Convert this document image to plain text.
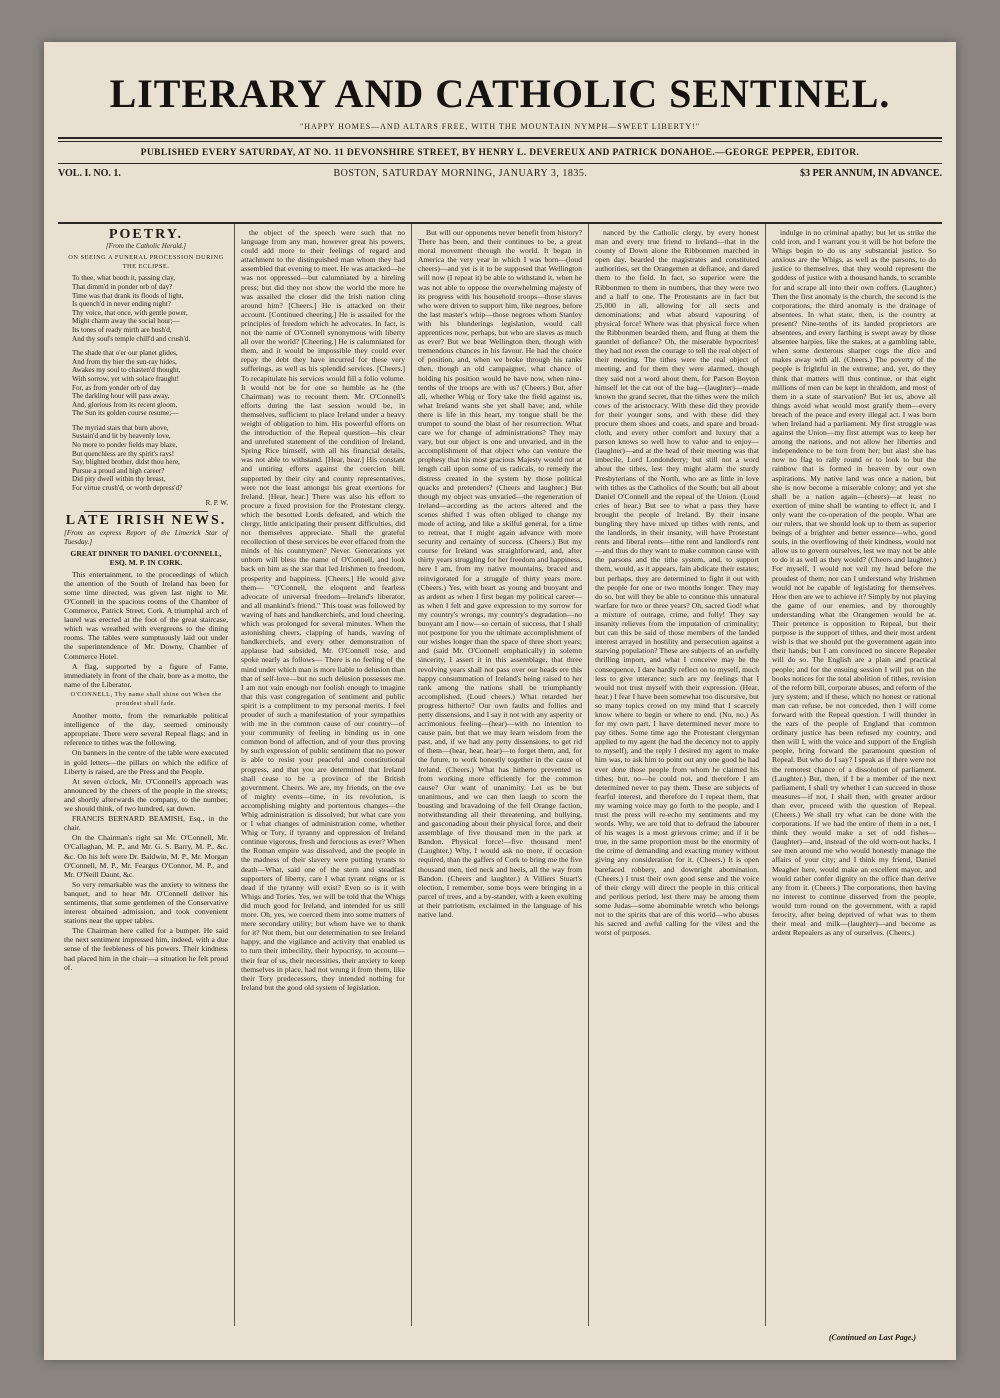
LITERARY AND CATHOLIC SENTINEL.
"HAPPY HOMES—AND ALTARS FREE, WITH THE MOUNTAIN NYMPH—SWEET LIBERTY!"
PUBLISHED EVERY SATURDAY, AT NO. 11 DEVONSHIRE STREET, BY HENRY L. DEVEREUX AND PATRICK DONAHOE.—GEORGE PEPPER, EDITOR.
VOL. I. NO. 1.	BOSTON, SATURDAY MORNING, JANUARY 3, 1835.	$3 PER ANNUM, IN ADVANCE.
POETRY.
[From the Catholic Herald.]
ON SEEING A FUNERAL PROCESSION DURING THE ECLIPSE.
To thee, what booth it, passing clay,
That dimm'd in ponder orb of day?
Time was that drank its floods of light,
Is quench'd in never ending night?
Thy voice, that once, with gentle power,
Might charm away the social hour;—
Its tones of ready mirth are hush'd,
And thy soul's temple chill'd and crush'd.
The shade that o'er our planet glides,
And from thy bier the sun-ray hides,
Awakes my soul to chasten'd thought,
With sorrow, yet with solace fraught!
For, as from yonder orb of day
The darkling hour will pass away,
And, glorious from its recent gloom,
The Sun its golden course resume;—
The myriad stars that burn above,
Sustain'd and lit by heavenly love,
No more to ponder fields may blaze,
But quenchless are thy spirit's rays!
Say, blighted brother, didst thou here,
Pursue a proud and high career?
Did pity dwell within thy breast,
For virtue crush'd, or worth depress'd?
R. P. W.
LATE IRISH NEWS.
[From an express Report of the Limerick Star of Tuesday.]
GREAT DINNER TO DANIEL O'CONNELL, ESQ. M. P. IN CORK.

This entertainment, to the proceedings of which the attention of the South of Ireland has been for some time directed, was given last night to Mr. O'Connell in the spacious rooms of the Chamber of Commerce, Patrick Street, Cork. A triumphal arch of laurel was erected at the foot of the great staircase, which was wreathed with evergreens to the dining rooms. The tables were sumptuously laid out under the superintendence of Mr. Downy, Chamber of Commerce Hotel.

A flag, supported by a figure of Fame, immediately in front of the chair, bore as a motto, the name of the Liberator.

O'CONNELL, Thy name shall shine out When the proudest shall fade.

Another motto, from the remarkable political intelligence of the day, seemed ominously appropriate. There were several Repeal flags; and in reference to tithes was the following.

On banners in the centre of the table were executed in gold letters—the pillars on which the edifice of Liberty is raised, are the Press and the People.

At seven o'clock, Mr. O'Connell's approach was announced by the cheers of the people in the streets; and shortly afterwards the company, to the number, we should think, of two hundred, sat down.

FRANCIS BERNARD BEAMISH, Esq., in the chair.

On the Chairman's right sat Mr. O'Connell, Mr. O'Callaghan, M. P., and Mr. G. S. Barry, M. P., &c. &c. On his left were Dr. Baldwin, M. P., Mr. Morgan O'Connell, M. P., Mr. Feargus O'Connor, M. P., and Mr. O'Neill Daunt, &c.

So very remarkable was the anxiety to witness the banquet, and to hear Mr. O'Connell deliver his sentiments, that some gentlemen of the Conservative interest obtained admission, and took convenient stations near the upper tables.

The Chairman here called for a bumper. He said the next sentiment impressed him, indeed, with a due sense of the feebleness of his powers. Their kindness had placed him in the chair—a situation he felt proud of.

the object of the speech were such that no language from any man, however great his powers, could add more to their feelings of regard and attachment to the distinguished man whom they had assembled that evening to meet. He was attacked—he was not oppressed—but calumniated by a hireling press; but did they not show the world the more he was assailed the closer did the Irish nation cling around him? [Cheers.] He is attacked on their account. [Continued cheering.] He is assailed for the principles of freedom which he advocates. In fact, is not the name of O'Connell synonymous with liberty all over the world? [Cheering.] He is calumniated for them, and it would be impossible they could ever repay the debt they have incurred for these very sufferings, as well as his splendid services. [Cheers.] To recapitulate his services would fill a folio volume. It would not be for one so humble as he (the Chairman) was to recount them. Mr. O'Connell's efforts during the last session would be, in themselves, sufficient to place Ireland under a heavy weight of obligation to him. His powerful efforts on the introduction of the Repeal question—his clear and unrefuted statement of the condition of Ireland, Spring Rice himself, with all his financial details, was not able to withstand. [Hear, hear.] His constant and untiring efforts against the coercion bill, supported by their city and county representatives, were not the least amongst his great exertions for Ireland. [Hear, hear.] There was also his effort to procure a fixed provision for the Protestant clergy, which the besotted Lords defeated, and which the clergy, little anticipating their present difficulties, did not themselves appreciate. Shall the grateful recollection of these services be ever effaced from the minds of his countrymen? Never. Generations yet unborn will bless the name of O'Connell, and look back on him as the star that led Irishmen to freedom, prosperity and happiness. [Cheers.] He would give them— "O'Connell, the eloquent and fearless advocate of universal freedom—Ireland's liberator, and all mankind's friend." This toast was followed by waving of hats and handkerchiefs, and loud cheering, which was prolonged for several minutes. When the astonishing cheers, clapping of hands, waving of handkerchiefs, and every other demonstration of applause had subsided, Mr. O'Connell rose, and spoke nearly as follows— There is no feeling of the mind under which man is more liable to delusion than that of self-love—but no such delusion possesses me. I am not vain enough nor foolish enough to imagine that this vast congregation of sentiment and public spirit is a compliment to my personal merits. I feel prouder of such a manifestation of your sympathies with me in the common cause of our country—of your community of feeling in binding us in one common bond of affection, and of your thus proving by such expression of public sentiment that no power is able to resist your peaceful and constitutional progress, and that you are determined that Ireland shall cease to be a province of the British government. Cheers. We are, my friends, on the eve of mighty events—time, in its revolution, is accomplishing mighty and portentous changes—the Whig administration is dissolved; but what care you or I what changes of administration come, whether Whig or Tory, if tyranny and oppression of Ireland continue vigorous, fresh and ferocious as ever? When the Roman empire was dissolved, and the people in the madness of their slavery were putting tyrants to death—What, said one of the stern and steadfast supporters of liberty, care I what tyrant reigns or is dead if the tyranny will exist? Even so is it with Whigs and Tories. Yes, we will be told that the Whigs did much good for Ireland, and intended for us still more. Oh, yes, we coerced them into some matters of mere secondary utility; but whom have we to thank for it? Not them, but our determination to see Ireland happy, and the vigilance and activity that enabled us to turn their imbecility, their hypocrisy, to account—their fear of us, their necessities, their anxiety to keep themselves in place, had not wrung it from them, like their Tory predecessors, they intended nothing for Ireland but the good old system of legislation.

But will our opponents never benefit from history? There has been, and their continues to be, a great moral movement through the world. It began in America the very year in which I was born—(loud cheers)—and yet is it to be supposed that Wellington will now (I repeat it) be able to withstand it, when he was not able to oppose the overwhelming majesty of its progress with his household troops—those slaves who were driven to support him, like negroes, before the last master's whip—those negroes whom Stanley with his blunderings legislation, would call apprentices now, perhaps, but who are slaves as much as ever? But we beat Wellington then, though with tremendous chances in his favour. He had the choice of position, and, when we broke through his ranks then, though an old campaigner, what chance of holding his position would he have now, when nine-tenths of the troops are with us? (Cheers.) But, after all, whether Whig or Tory take the field against us, what Ireland wants she yet shall have; and, while there is life in this heart, my tongue shall be the trumpet to sound the blast of her resurrection. What care we for change of administrations? They may vary, but our object is one and unvaried, and in the accomplishment of that object who can venture the prophesy that his most gracious Majesty would not at length call upon some of us radicals, to remedy the distress created in the system by those political quacks and pretenders? (Cheers and laughter.) But though my object was unvaried—the regeneration of Ireland—according as the actors altered and the scenes shifted I was often obliged to change my mode of acting, and like a skilful general, for a time to retreat, that I might again advance with more security and certainty of success. (Cheers.) But my course for Ireland was straightforward, and, after thirty years struggling for her freedom and happiness, here I am, from my native mountains, braced and reinvigorated for a struggle of thirty years more. (Cheers.) Yes, with heart as young and buoyant and as ardent as when I first began my political career—as when I felt and gave expression to my sorrow for my country's wrongs, my country's degradation—no buoyant am I now—so certain of success, that I shall not postpone for you the ultimate accomplishment of our wishes longer than the space of three short years; and (said Mr. O'Connell emphatically) in solemn sincerity, I assert it in this assemblage, that three revolving years shall not pass over our heads ere this happy consummation of Ireland's being raised to her rank among the nations shall be triumphantly accomplished. (Loud cheers.) What retarded her progress hitherto? Our own faults and follies and petty dissensions, and I say it not with any asperity or acrimonious feeling—(hear)—with no intention to cause pain, but that we may learn wisdom from the past, and, if we had any petty dissensions, to get rid of them—(hear, hear, hear)—to forget them, and, for the future, to work honestly together in the cause of Ireland. (Cheers.) What has hitherto prevented us from working more efficiently for the common cause? Our want of unanimity. Let us be but unanimous, and we can then laugh to scorn the boasting and bravadoing of the fell Orange faction, notwithstanding all their threatening, and bullying, and gasconading about their physical force, and their assemblage of five thousand men in the park at Bandon. Physical force!—five thousand men! (Laughter.) Why, I would ask no more, if occasion required, than the gaffers of Cork to bring me the five thousand men, tied neck and heels, all the way from Bandon. (Cheers and laughter.) A Villiers Stuart's election, I remember, some boys were bringing in a parcel of trees, and a by-stander, with a keen exulting at their patriotism, exclaimed in the language of his native land.

nanced by the Catholic clergy, by every honest man and every true friend to Ireland—that in the county of Down alone the Ribbonmen marched in open day, bearded the magistrates and constituted authorities, set the Orangemen at defiance, and dared them to the field. In fact, so superior were the Ribbonmen to them in numbers, that they were two and a half to one. The Protestants are in fact but 25,000 in all, allowing for all sects and denominations; and what absurd vapouring of physical force! Where was that physical force when the Ribbonmen bearded them, and flung at them the gauntlet of defiance? Oh, the miserable hypocrites! they had not even the courage to tell the real object of their meeting. The tithes were the real object of meeting, and for them they were alarmed, though they said not a word about them, for Parson Boyton himself let the cat out of the bag—(laughter)—made known the grand secret, that the tithes were the milch cows of the aristocracy. With these did they provide for their younger sons, and with these did they procure them shoes and coats, and spare and broad-cloth, and every other comfort and luxury that a parson knows so well how to value and to enjoy—(laughter)—and at the head of their meeting was that imbecile, Lord Londonderry; but still not a word about the tithes, lest they might alarm the sturdy Presbyterians of the North, who are as little in love with tithes as the Catholics of the South; but all about Daniel O'Connell and the repeal of the Union. (Loud cries of hear.) But see to what a pass they have brought the people of Ireland. By their insane bungling they have mixed up tithes with rents, and the landlords, in their insanity, will have Protestant rents and liberal rents—tithe rent and landlord's rent—and thus do they want to make common cause with the parsons and the tithe system, and, to support them, would, as it appears, fain abdicate their estates; but perhaps, they are determined to fight it out with the people for one or two months longer. They may do so, but will they be able to continue this unnatural warfare for two or three years? Oh, sacred God! what a mixture of outrage, crime, and folly! They say insanity relieves from the imputation of criminality; but can this be said of those members of the landed interest arrayed in hostility and persecution against a starving population? These are subjects of an awfully thrilling import, and what I conceive may be the consequence, I dare hardly reflect on to myself, much less to give utterance; such are my feelings that I would not trust myself with their expression. (Hear, hear.) I fear I have been somewhat too discursive, but so many topics crowd on my mind that I scarcely know where to begin or where to end. (No, no.) As for my own part, I have determined never more to pay tithes. Some time ago the Protestant clergyman applied to my agent (he had the decency not to apply to myself), and the reply I desired my agent to make him was, to ask him to point out any one good he had ever done those people from whom he claimed his tithes; but, no—he could not, and therefore I am determined never to pay them. These are subjects of fearful interest, and therefore do I repeat them, that my warning voice may go forth to the people, and I trust the press will re-echo my sentiments and my words. Why, we are told that to defraud the labourer of his wages is a most grievous crime; and if it be true, in the same proportion must be the enormity of the crime of demanding and exacting money without giving any consideration for it. (Cheers.) It is open barefaced robbery, and downright abomination. (Cheers.) I trust their own good sense and the voice of their clergy will direct the people in this critical and perilous period, lest there may be among them some Judas—some abominable wretch who belongs not to the spirits that are of this world—who abuses his sacred and awful calling for the vilest and the worst of purposes.

indulge in no criminal apathy; but let us strike the cold iron, and I warrant you it will be hot before the Whigs begin to do us any substantial justice. So anxious are the Whigs, as well as the parsons, to do justice to themselves, that they would represent the goddess of justice with a thousand hands, to scramble for and scrape all into their own coffers. (Laughter.) Then the first anomaly is the church, the second is the corporations, the third anomaly is the drainage of absentees. In what state, then, is the country at present? Nine-tenths of its landed proprietors are absentees, and every farthing is swept away by those absentee harpies, like the stakes, at a gambling table, when some dexterous sharper cogs the dice and makes away with all. (Cheers.) The poverty of the people is frightful in the extreme; and, yet, do they think that matters will thus continue, or that eight millions of men can be kept in thraldom, and most of them in a state of starvation? But let us, above all things avoid what would most gratify them—every breach of the peace and every illegal act. I was born when Ireland had a parliament. My first struggle was against the Union—my first attempt was to keep her among the nations, and not allow her liberties and independence to be torn from her; but alas! she has now no flag to rally round or to look to but the rainbow that is formed in heaven by our own aspirations. My native land was once a nation, but she is now become a miserable colony; and yet she shall be a nation again—(cheers)—at least no exertion of mine shall be wanting to effect it, and I only want the co-operation of the people. What are our rulers, that we should look up to them as superior beings of a brighter and better essence—who, good souls, in the overflowing of their kindness, would not allow us to govern ourselves, lest we may not be able to do it as well as they would? (Cheers and laughter.) For myself, I would not veil my head before the proudest of them; nor can I understand why Irishmen would not be capable of legislating for themselves. How then are we to achieve it? Simply by not playing the game of our enemies, and by thoroughly understanding what the Orangemen would be at. Their pretence is opposition to Repeal, but their purpose is the support of tithes, and their most ardent wish is that we should put the government again into their hands; but I am convinced no sincere Repealer will do so. The English are a plain and practical people; and for the ensuing session I will put on the books notices for the total abolition of tithes, revision of the reform bill, corporate abuses, and reform of the jury system; and if these, which no honest or rational man can refuse, be not conceded, then I will come forward with the Repeal question. I will thunder in the ears of the people of England that common ordinary justice has been refused my country, and then will I, with the voice and support of the English people, bring forward the paramount question of Repeal. But who do I say? I speak as if there were not the remotest chance of a dissolution of parliament. (Laughter.) But, then, if I be a member of the next parliament, I shall try whether I can succeed in those measures—if not, I shall then, with greater ardour than ever, proceed with the question of Repeal. (Cheers.) We shall try what can be done with the corporations. If we had the entire of them in a net, I think they would make a set of odd fishes—(laughter)—and, instead of the old worn-out hacks, I see men around me who would honestly manage the affairs of your city; and I think my friend, Daniel Meagher here, would make an excellent mayor, and would rather confer dignity on the office than derive any from it. (Cheers.) The corporations, then having no interest to continue disserved from the people, would turn round on the government, with a rapid ferocity, after being deprived of what was to them their meal and milk—(laughter)—and become as ardent Repealers as any of ourselves. (Cheers.)

(Continued on Last Page.)
